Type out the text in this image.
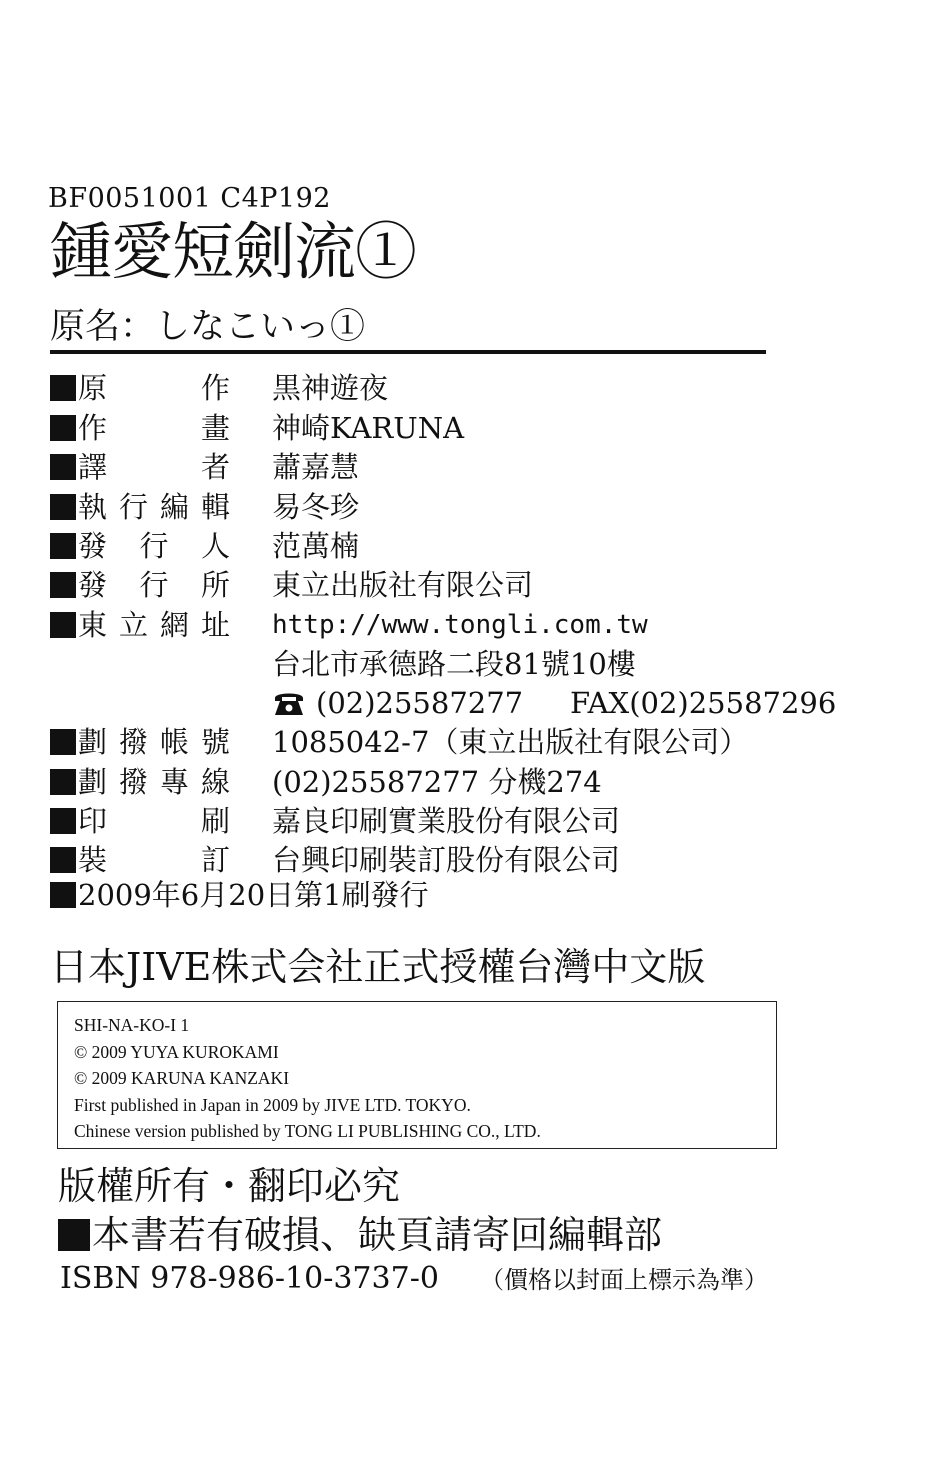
BF0051001 C4P192
鍾愛短劍流①
原名：しなこいっ①
原　作 黒神遊夜
作　畫 神崎KARUNA
譯　者 蕭嘉慧
執行編輯 易冬珍
發行人 范萬楠
發行所 東立出版社有限公司
東立網址 http://www.tongli.com.tw
台北市承德路二段81號10樓
(02)25587277 FAX(02)25587296
劃撥帳號 1085042-7（東立出版社有限公司）
劃撥專線 (02)25587277 分機274
印　刷 嘉良印刷實業股份有限公司
裝　訂 台興印刷裝訂股份有限公司
2009年6月20日第1刷發行
日本JIVE株式会社正式授權台灣中文版
SHI-NA-KO-I 1
© 2009 YUYA KUROKAMI
© 2009 KARUNA KANZAKI
First published in Japan in 2009 by JIVE LTD. TOKYO.
Chinese version published by TONG LI PUBLISHING CO., LTD.
版權所有・翻印必究
本書若有破損、缺頁請寄回編輯部
ISBN 978-986-10-3737-0 （價格以封面上標示為準）
